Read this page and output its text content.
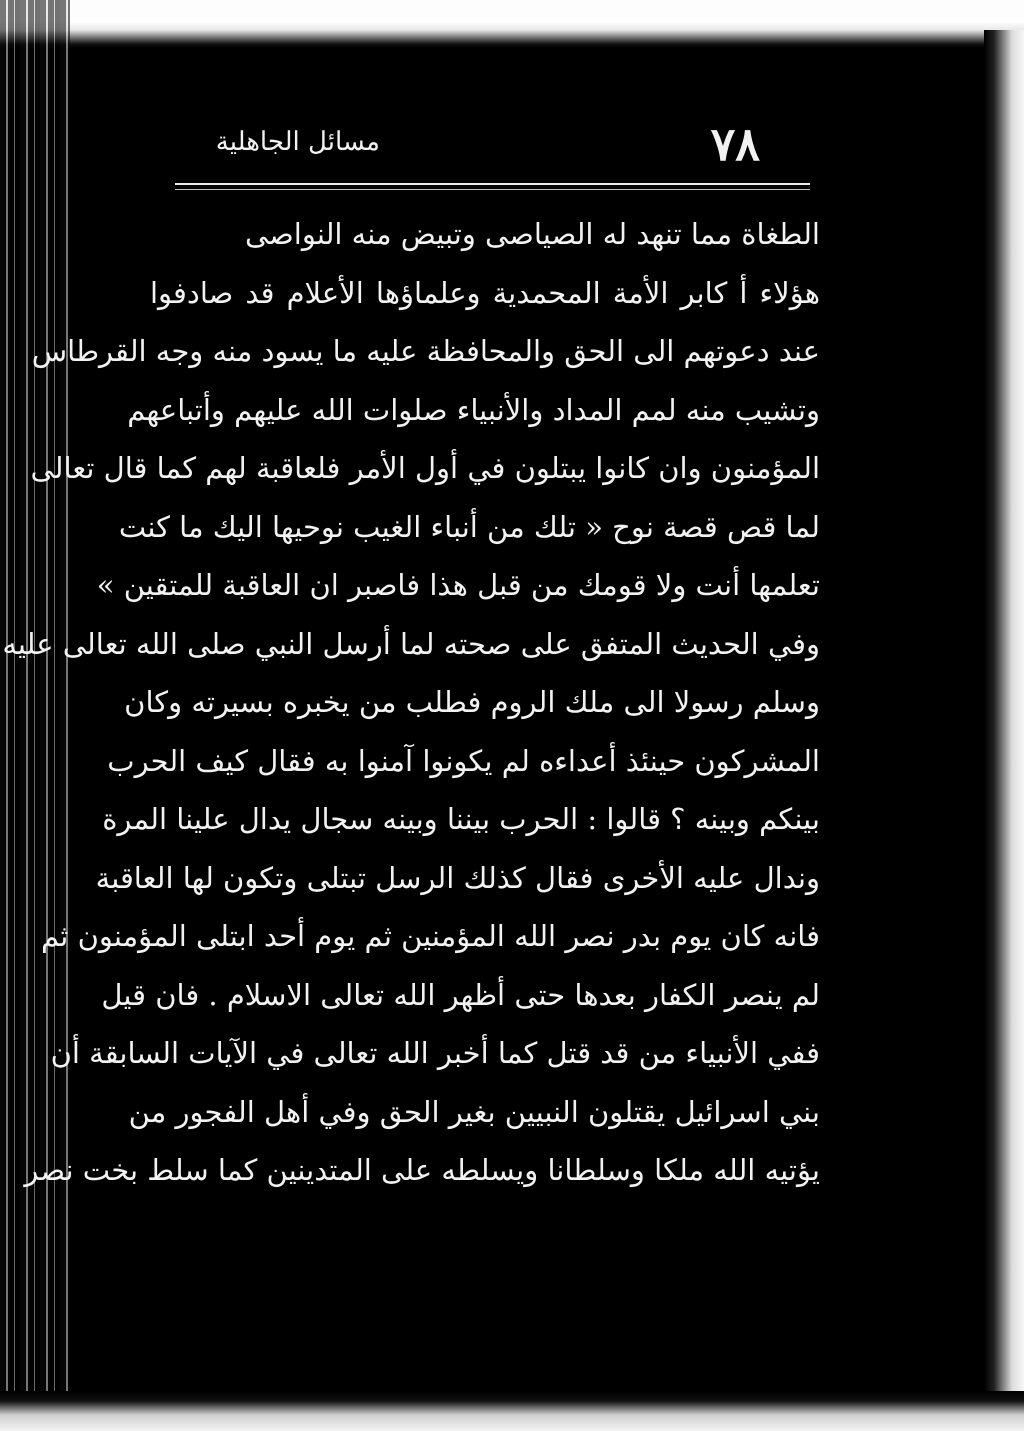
٧٨
مسائل الجاهلية
الطغاة مما تنهد له الصياصى وتبيض منه النواصى
هؤلاء أ كابر الأمة المحمدية وعلماؤها الأعلام قد صادفوا
عند دعوتهم الى الحق والمحافظة عليه ما يسود منه وجه القرطاس
وتشيب منه لمم المداد والأنبياء صلوات الله عليهم وأتباعهم
المؤمنون وان كانوا يبتلون في أول الأمر فلعاقبة لهم كما قال تعالى
لما قص قصة نوح « تلك من أنباء الغيب نوحيها اليك ما كنت
تعلمها أنت ولا قومك من قبل هذا فاصبر ان العاقبة للمتقين »
وفي الحديث المتفق على صحته لما أرسل النبي صلى الله تعالى عليه
وسلم رسولا الى ملك الروم فطلب من يخبره بسيرته وكان
المشركون حينئذ أعداءه لم يكونوا آمنوا به فقال كيف الحرب
بينكم وبينه ؟ قالوا : الحرب بيننا وبينه سجال يدال علينا المرة
وندال عليه الأخرى فقال كذلك الرسل تبتلى وتكون لها العاقبة
فانه كان يوم بدر نصر الله المؤمنين ثم يوم أحد ابتلى المؤمنون ثم
لم ينصر الكفار بعدها حتى أظهر الله تعالى الاسلام . فان قيل
ففي الأنبياء من قد قتل كما أخبر الله تعالى في الآيات السابقة أن
بني اسرائيل يقتلون النبيين بغير الحق وفي أهل الفجور من
يؤتيه الله ملكا وسلطانا ويسلطه على المتدينين كما سلط بخت نصر
